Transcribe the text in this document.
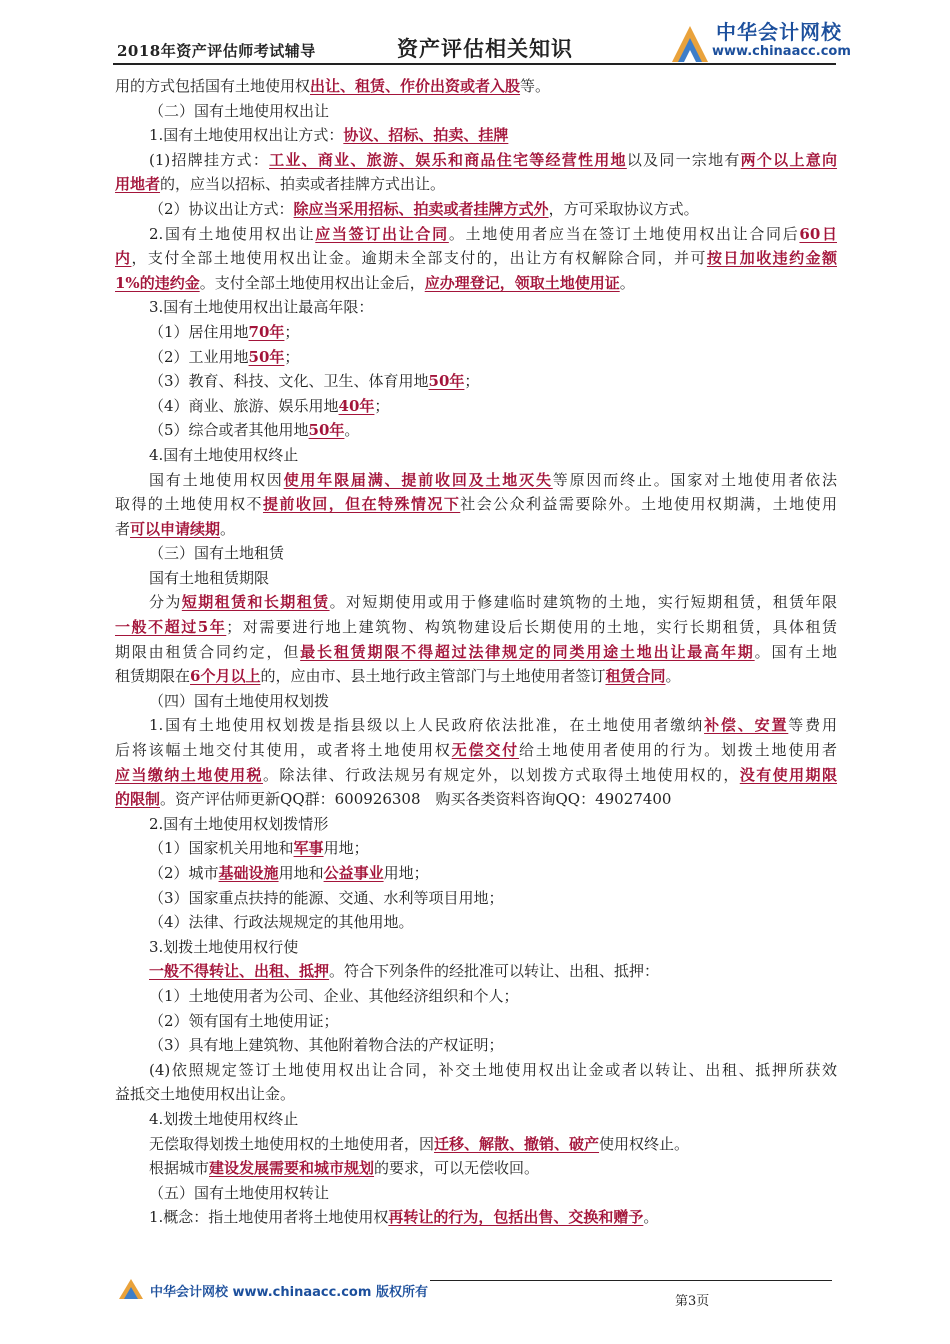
2018年资产评估师考试辅导	资产评估相关知识
中华会计网校
www.chinaacc.com
用的方式包括国有土地使用权出让、租赁、作价出资或者入股等。
（二）国有土地使用权出让
1.国有土地使用权出让方式：协议、招标、拍卖、挂牌
(1)招牌挂方式：工业、商业、旅游、娱乐和商品住宅等经营性用地以及同一宗地有两个以上意向
用地者的，应当以招标、拍卖或者挂牌方式出让。
（2）协议出让方式：除应当采用招标、拍卖或者挂牌方式外，方可采取协议方式。
2.国有土地使用权出让应当签订出让合同。土地使用者应当在签订土地使用权出让合同后60日
内，支付全部土地使用权出让金。逾期未全部支付的，出让方有权解除合同，并可按日加收违约金额
1%的违约金。支付全部土地使用权出让金后，应办理登记，领取土地使用证。
3.国有土地使用权出让最高年限：
（1）居住用地70年；
（2）工业用地50年；
（3）教育、科技、文化、卫生、体育用地50年；
（4）商业、旅游、娱乐用地40年；
（5）综合或者其他用地50年。
4.国有土地使用权终止
国有土地使用权因使用年限届满、提前收回及土地灭失等原因而终止。国家对土地使用者依法
取得的土地使用权不提前收回，但在特殊情况下社会公众利益需要除外。土地使用权期满，土地使用
者可以申请续期。
（三）国有土地租赁
国有土地租赁期限
分为短期租赁和长期租赁。对短期使用或用于修建临时建筑物的土地，实行短期租赁，租赁年限
一般不超过5年；对需要进行地上建筑物、构筑物建设后长期使用的土地，实行长期租赁，具体租赁
期限由租赁合同约定，但最长租赁期限不得超过法律规定的同类用途土地出让最高年期。国有土地
租赁期限在6个月以上的，应由市、县土地行政主管部门与土地使用者签订租赁合同。
（四）国有土地使用权划拨
1.国有土地使用权划拨是指县级以上人民政府依法批准，在土地使用者缴纳补偿、安置等费用
后将该幅土地交付其使用，或者将土地使用权无偿交付给土地使用者使用的行为。划拨土地使用者
应当缴纳土地使用税。除法律、行政法规另有规定外，以划拨方式取得土地使用权的，没有使用期限
的限制。资产评估师更新QQ群：600926308　购买各类资料咨询QQ：49027400
2.国有土地使用权划拨情形
（1）国家机关用地和军事用地；
（2）城市基础设施用地和公益事业用地；
（3）国家重点扶持的能源、交通、水利等项目用地；
（4）法律、行政法规规定的其他用地。
3.划拨土地使用权行使
一般不得转让、出租、抵押。符合下列条件的经批准可以转让、出租、抵押：
（1）土地使用者为公司、企业、其他经济组织和个人；
（2）领有国有土地使用证；
（3）具有地上建筑物、其他附着物合法的产权证明；
(4)依照规定签订土地使用权出让合同，补交土地使用权出让金或者以转让、出租、抵押所获效
益抵交土地使用权出让金。
4.划拨土地使用权终止
无偿取得划拨土地使用权的土地使用者，因迁移、解散、撤销、破产使用权终止。
根据城市建设发展需要和城市规划的要求，可以无偿收回。
（五）国有土地使用权转让
1.概念：指土地使用者将土地使用权再转让的行为，包括出售、交换和赠予。
中华会计网校 www.chinaacc.com 版权所有
第3页
